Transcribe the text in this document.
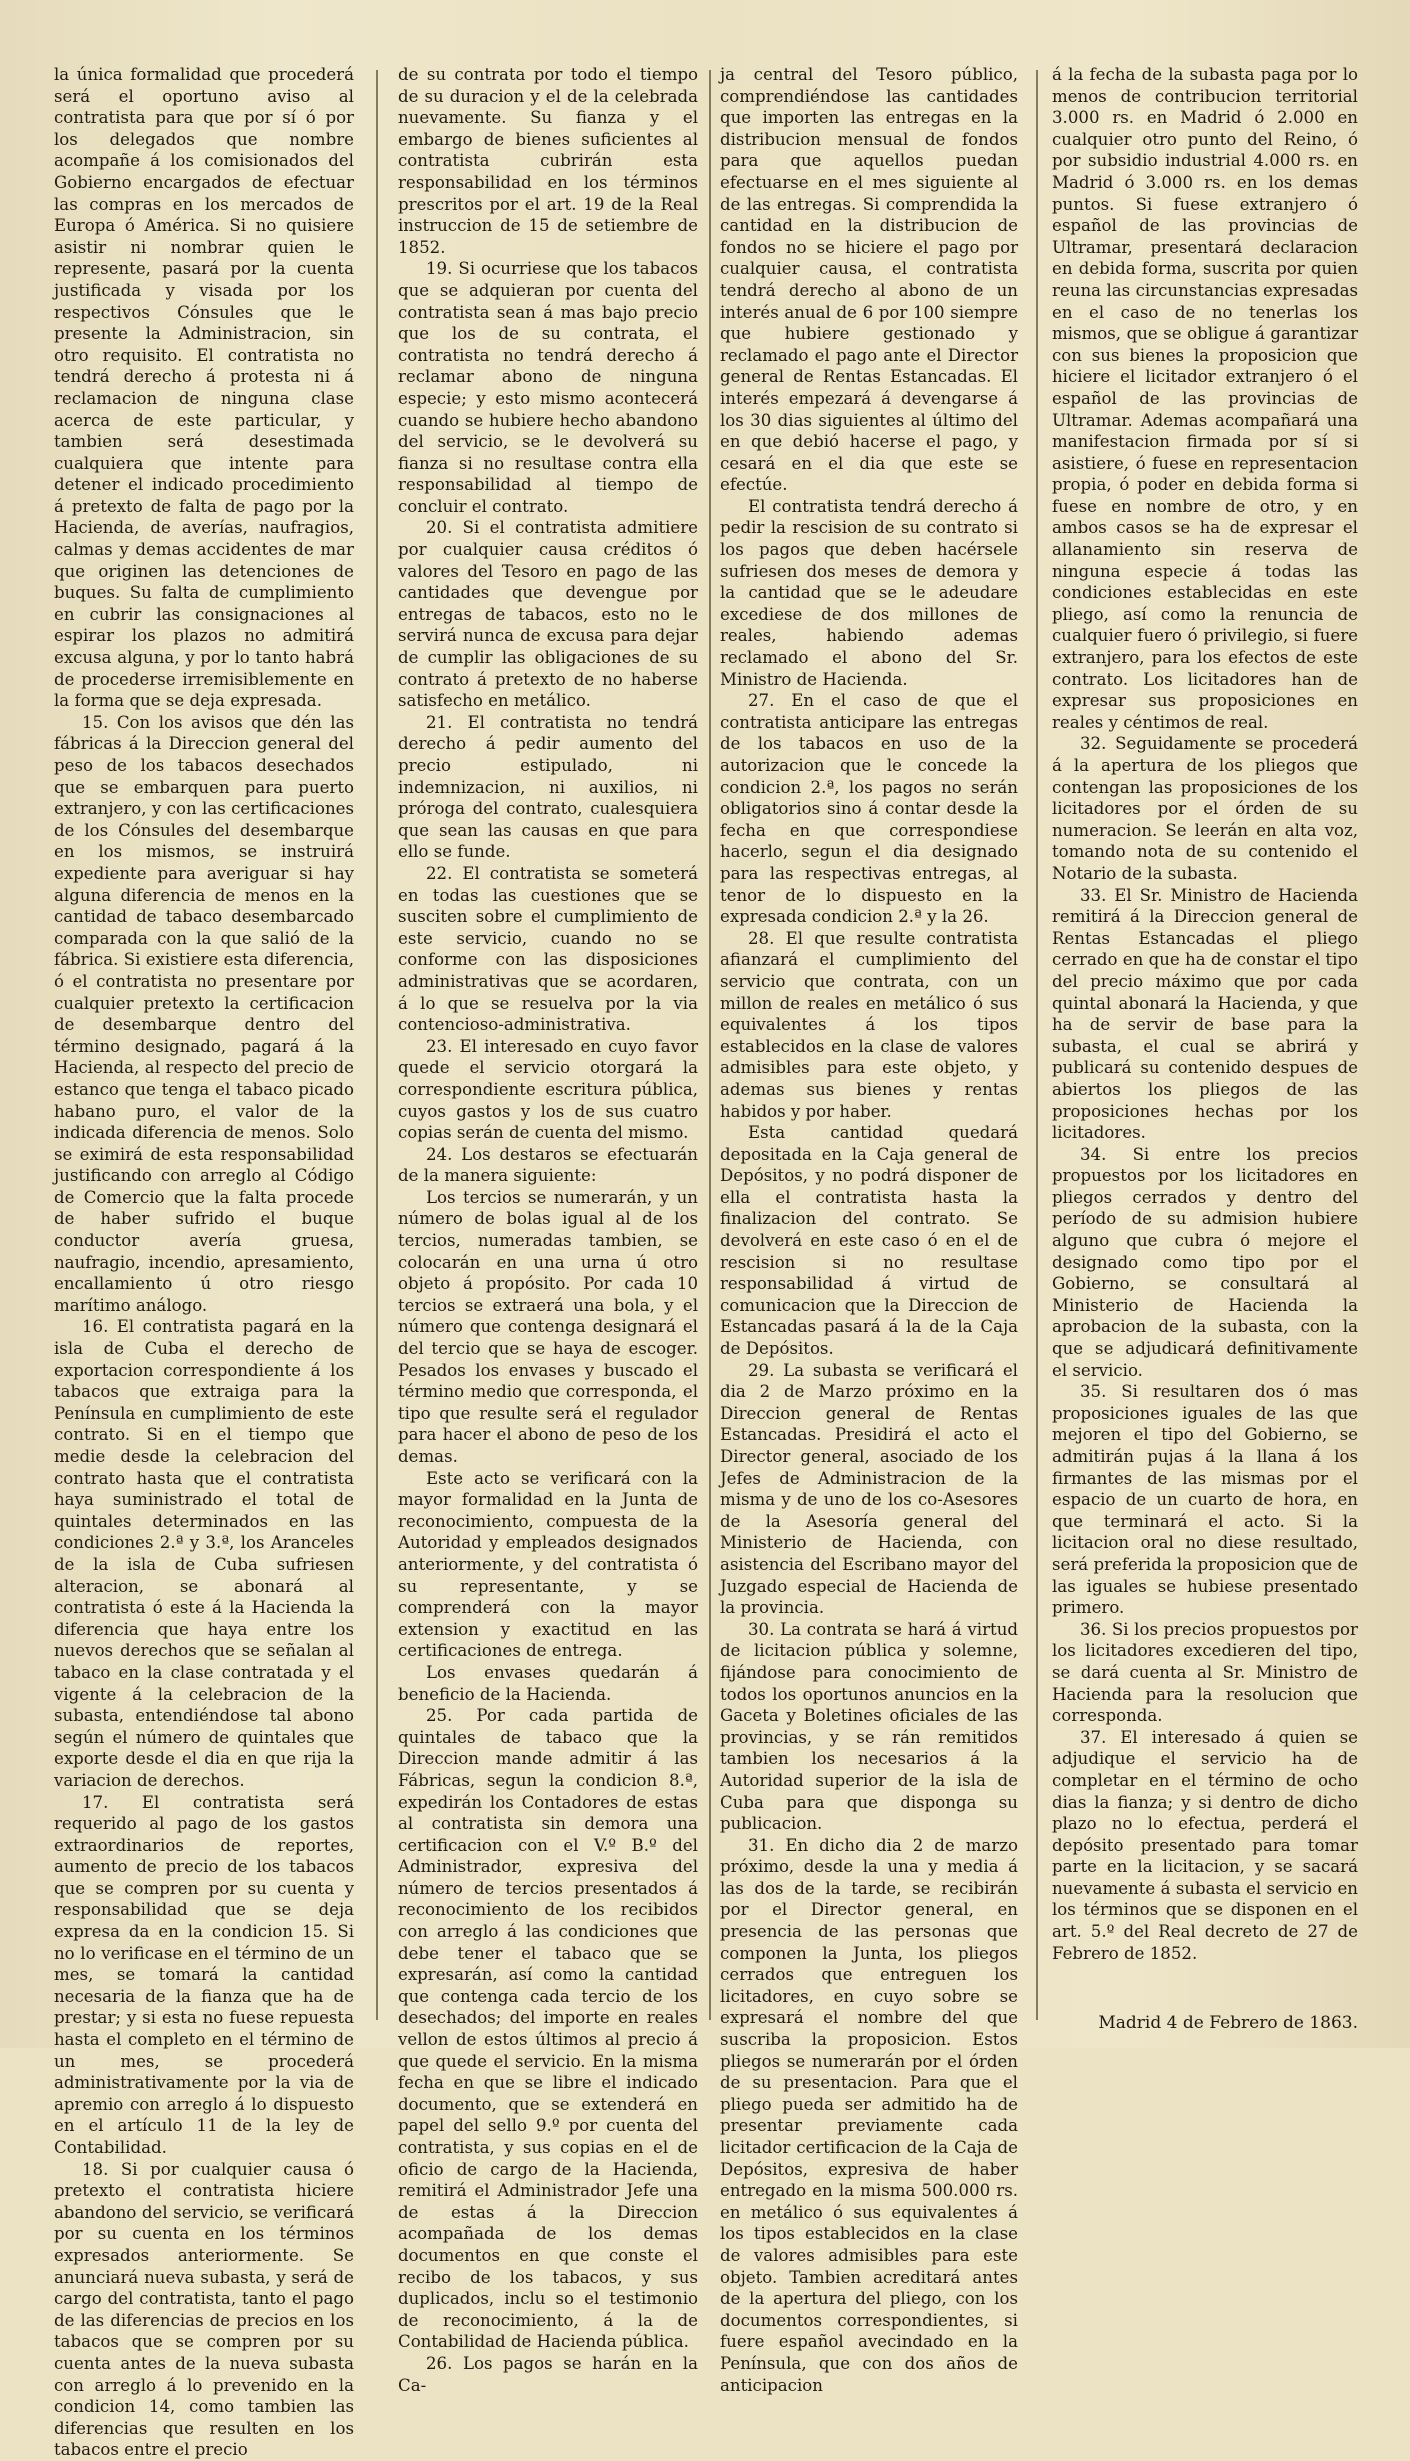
la única formalidad que procederá será el oportuno aviso al contratista para que por sí ó por los delegados que nombre acompañe á los comisionados del Gobierno encargados de efectuar las compras en los mercados de Europa ó América. Si no quisiere asistir ni nombrar quien le represente, pasará por la cuenta justificada y visada por los respectivos Cónsules que le presente la Administracion, sin otro requisito. El contratista no tendrá derecho á protesta ni á reclamacion de ninguna clase acerca de este particular, y tambien será desestimada cualquiera que intente para detener el indicado procedimiento á pretexto de falta de pago por la Hacienda, de averías, naufragios, calmas y demas accidentes de mar que originen las detenciones de buques. Su falta de cumplimiento en cubrir las consignaciones al espirar los plazos no admitirá excusa alguna, y por lo tanto habrá de procederse irremisiblemente en la forma que se deja expresada.

15. Con los avisos que dén las fábricas á la Direccion general del peso de los tabacos desechados que se embarquen para puerto extranjero, y con las certificaciones de los Cónsules del desembarque en los mismos, se instruirá expediente para averiguar si hay alguna diferencia de menos en la cantidad de tabaco desembarcado comparada con la que salió de la fábrica. Si existiere esta diferencia, ó el contratista no presentare por cualquier pretexto la certificacion de desembarque dentro del término designado, pagará á la Hacienda, al respecto del precio de estanco que tenga el tabaco picado habano puro, el valor de la indicada diferencia de menos. Solo se eximirá de esta responsabilidad justificando con arreglo al Código de Comercio que la falta procede de haber sufrido el buque conductor avería gruesa, naufragio, incendio, apresamiento, encallamiento ú otro riesgo marítimo análogo.

16. El contratista pagará en la isla de Cuba el derecho de exportacion correspondiente á los tabacos que extraiga para la Península en cumplimiento de este contrato. Si en el tiempo que medie desde la celebracion del contrato hasta que el contratista haya suministrado el total de quintales determinados en las condiciones 2.ª y 3.ª, los Aranceles de la isla de Cuba sufriesen alteracion, se abonará al contratista ó este á la Hacienda la diferencia que haya entre los nuevos derechos que se señalan al tabaco en la clase contratada y el vigente á la celebracion de la subasta, entendiéndose tal abono según el número de quintales que exporte desde el dia en que rija la variacion de derechos.

17. El contratista será requerido al pago de los gastos extraordinarios de reportes, aumento de precio de los tabacos que se compren por su cuenta y responsabilidad que se deja expresa da en la condicion 15. Si no lo verificase en el término de un mes, se tomará la cantidad necesaria de la fianza que ha de prestar; y si esta no fuese repuesta hasta el completo en el término de un mes, se procederá administrativamente por la via de apremio con arreglo á lo dispuesto en el artículo 11 de la ley de Contabilidad.

18. Si por cualquier causa ó pretexto el contratista hiciere abandono del servicio, se verificará por su cuenta en los términos expresados anteriormente. Se anunciará nueva subasta, y será de cargo del contratista, tanto el pago de las diferencias de precios en los tabacos que se compren por su cuenta antes de la nueva subasta con arreglo á lo prevenido en la condicion 14, como tambien las diferencias que resulten en los tabacos entre el precio

de su contrata por todo el tiempo de su duracion y el de la celebrada nuevamente. Su fianza y el embargo de bienes suficientes al contratista cubrirán esta responsabilidad en los términos prescritos por el art. 19 de la Real instruccion de 15 de setiembre de 1852.

19. Si ocurriese que los tabacos que se adquieran por cuenta del contratista sean á mas bajo precio que los de su contrata, el contratista no tendrá derecho á reclamar abono de ninguna especie; y esto mismo acontecerá cuando se hubiere hecho abandono del servicio, se le devolverá su fianza si no resultase contra ella responsabilidad al tiempo de concluir el contrato.

20. Si el contratista admitiere por cualquier causa créditos ó valores del Tesoro en pago de las cantidades que devengue por entregas de tabacos, esto no le servirá nunca de excusa para dejar de cumplir las obligaciones de su contrato á pretexto de no haberse satisfecho en metálico.

21. El contratista no tendrá derecho á pedir aumento del precio estipulado, ni indemnizacion, ni auxilios, ni prórogа del contrato, cualesquiera que sean las causas en que para ello se funde.

22. El contratista se someterá en todas las cuestiones que se susciten sobre el cumplimiento de este servicio, cuando no se conforme con las disposiciones administrativas que se acordaren, á lo que se resuelva por la via contencioso-administrativa.

23. El interesado en cuyo favor quede el servicio otorgará la correspondiente escritura pública, cuyos gastos y los de sus cuatro copias serán de cuenta del mismo.

24. Los destaros se efectuarán de la manera siguiente:

Los tercios se numerarán, y un número de bolas igual al de los tercios, numeradas tambien, se colocarán en una urna ú otro objeto á propósito. Por cada 10 tercios se extraerá una bola, y el número que contenga designará el del tercio que se haya de escoger. Pesados los envases y buscado el término medio que corresponda, el tipo que resulte será el regulador para hacer el abono de peso de los demas.

Este acto se verificará con la mayor formalidad en la Junta de reconocimiento, compuesta de la Autoridad y empleados designados anteriormente, y del contratista ó su representante, y se comprenderá con la mayor extension y exactitud en las certificaciones de entrega.

Los envases quedarán á beneficio de la Hacienda.

25. Por cada partida de quintales de tabaco que la Direccion mande admitir á las Fábricas, segun la condicion 8.ª, expedirán los Contadores de estas al contratista sin demora una certificacion con el V.º B.º del Administrador, expresiva del número de tercios presentados á reconocimiento de los recibidos con arreglo á las condiciones que debe tener el tabaco que se expresarán, así como la cantidad que contenga cada tercio de los desechados; del importe en reales vellon de estos últimos al precio á que quede el servicio. En la misma fecha en que se libre el indicado documento, que se extenderá en papel del sello 9.º por cuenta del contratista, y sus copias en el de oficio de cargo de la Hacienda, remitirá el Administrador Jefe una de estas á la Direccion acompañada de los demas documentos en que conste el recibo de los tabacos, y sus duplicados, inclu so el testimonio de reconocimiento, á la de Contabilidad de Hacienda pública.

26. Los pagos se harán en la Ca-

ja central del Tesoro público, comprendiéndose las cantidades que importen las entregas en la distribucion mensual de fondos para que aquellos puedan efectuarse en el mes siguiente al de las entregas. Si comprendida la cantidad en la distribucion de fondos no se hiciere el pago por cualquier causa, el contratista tendrá derecho al abono de un interés anual de 6 por 100 siempre que hubiere gestionado y reclamado el pago ante el Director general de Rentas Estancadas. El interés empezará á devengarse á los 30 dias siguientes al último del en que debió hacerse el pago, y cesará en el dia que este se efectúe.

El contratista tendrá derecho á pedir la rescision de su contrato si los pagos que deben hacérsele sufriesen dos meses de demora y la cantidad que se le adeudare excediese de dos millones de reales, habiendo ademas reclamado el abono del Sr. Ministro de Hacienda.

27. En el caso de que el contratista anticipare las entregas de los tabacos en uso de la autorizacion que le concede la condicion 2.ª, los pagos no serán obligatorios sino á contar desde la fecha en que correspondiese hacerlo, segun el dia designado para las respectivas entregas, al tenor de lo dispuesto en la expresada condicion 2.ª y la 26.

28. El que resulte contratista afianzará el cumplimiento del servicio que contrata, con un millon de reales en metálico ó sus equivalentes á los tipos establecidos en la clase de valores admisibles para este objeto, y ademas sus bienes y rentas habidos y por haber.

Esta cantidad quedará depositada en la Caja general de Depósitos, y no podrá disponer de ella el contratista hasta la finalizacion del contrato. Se devolverá en este caso ó en el de rescision si no resultase responsabilidad á virtud de comunicacion que la Direccion de Estancadas pasará á la de la Caja de Depósitos.

29. La subasta se verificará el dia 2 de Marzo próximo en la Direccion general de Rentas Estancadas. Presidirá el acto el Director general, asociado de los Jefes de Administracion de la misma y de uno de los co-Asesores de la Asesoría general del Ministerio de Hacienda, con asistencia del Escribano mayor del Juzgado especial de Hacienda de la provincia.

30. La contrata se hará á virtud de licitacion pública y solemne, fijándose para conocimiento de todos los oportunos anuncios en la Gaceta y Boletines oficiales de las provincias, y se rán remitidos tambien los necesarios á la Autoridad superior de la isla de Cuba para que disponga su publicacion.

31. En dicho dia 2 de marzo próximo, desde la una y media á las dos de la tarde, se recibirán por el Director general, en presencia de las personas que componen la Junta, los pliegos cerrados que entreguen los licitadores, en cuyo sobre se expresará el nombre del que suscriba la proposicion. Estos pliegos se numerarán por el órden de su presentacion. Para que el pliego pueda ser admitido ha de presentar previamente cada licitador certificacion de la Caja de Depósitos, expresiva de haber entregado en la misma 500.000 rs. en metálico ó sus equivalentes á los tipos establecidos en la clase de valores admisibles para este objeto. Tambien acreditará antes de la apertura del pliego, con los documentos correspondientes, si fuere español avecindado en la Península, que con dos años de anticipacion

á la fecha de la subasta paga por lo menos de contribucion territorial 3.000 rs. en Madrid ó 2.000 en cualquier otro punto del Reino, ó por subsidio industrial 4.000 rs. en Madrid ó 3.000 rs. en los demas puntos. Si fuese extranjero ó español de las provincias de Ultramar, presentará declaracion en debida forma, suscrita por quien reuna las circunstancias expresadas en el caso de no tenerlas los mismos, que se obligue á garantizar con sus bienes la proposicion que hiciere el licitador extranjero ó el español de las provincias de Ultramar. Ademas acompañará una manifestacion firmada por sí si asistiere, ó fuese en representacion propia, ó poder en debida forma si fuese en nombre de otro, y en ambos casos se ha de expresar el allanamiento sin reserva de ninguna especie á todas las condiciones establecidas en este pliego, así como la renuncia de cualquier fuero ó privilegio, si fuere extranjero, para los efectos de este contrato. Los licitadores han de expresar sus proposiciones en reales y céntimos de real.

32. Seguidamente se procederá á la apertura de los pliegos que contengan las proposiciones de los licitadores por el órden de su numeracion. Se leerán en alta voz, tomando nota de su contenido el Notario de la subasta.

33. El Sr. Ministro de Hacienda remitirá á la Direccion general de Rentas Estancadas el pliego cerrado en que ha de constar el tipo del precio máximo que por cada quintal abonará la Hacienda, y que ha de servir de base para la subasta, el cual se abrirá y publicará su contenido despues de abiertos los pliegos de las proposiciones hechas por los licitadores.

34. Si entre los precios propuestos por los licitadores en pliegos cerrados y dentro del período de su admision hubiere alguno que cubra ó mejore el designado como tipo por el Gobierno, se consultará al Ministerio de Hacienda la aprobacion de la subasta, con la que se adjudicará definitivamente el servicio.

35. Si resultaren dos ó mas proposiciones iguales de las que mejoren el tipo del Gobierno, se admitirán pujas á la llana á los firmantes de las mismas por el espacio de un cuarto de hora, en que terminará el acto. Si la licitacion oral no diese resultado, será preferida la proposicion que de las iguales se hubiese presentado primero.

36. Si los precios propuestos por los licitadores excedieren del tipo, se dará cuenta al Sr. Ministro de Hacienda para la resolucion que corresponda.

37. El interesado á quien se adjudique el servicio ha de completar en el término de ocho dias la fianza; y si dentro de dicho plazo no lo efectua, perderá el depósito presentado para tomar parte en la licitacion, y se sacará nuevamente á subasta el servicio en los términos que se disponen en el art. 5.º del Real decreto de 27 de Febrero de 1852.

Madrid 4 de Febrero de 1863.
